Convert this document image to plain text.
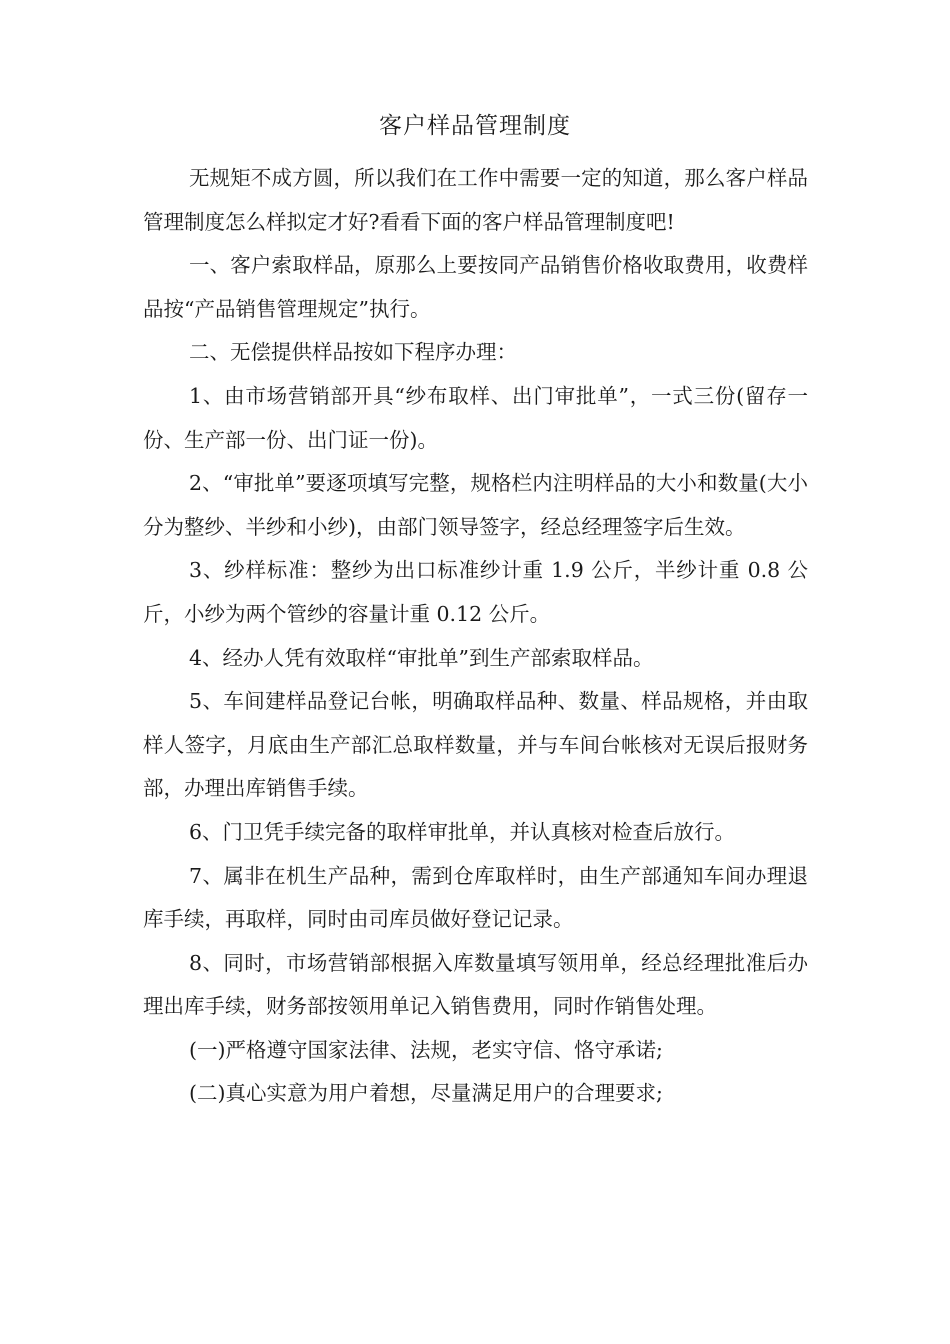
客户样品管理制度

无规矩不成方圆，所以我们在工作中需要一定的知道，那么客户样品管理制度怎么样拟定才好?看看下面的客户样品管理制度吧!

一、客户索取样品，原那么上要按同产品销售价格收取费用，收费样品按“产品销售管理规定”执行。

二、无偿提供样品按如下程序办理：

1、由市场营销部开具“纱布取样、出门审批单”，一式三份(留存一份、生产部一份、出门证一份)。

2、“审批单”要逐项填写完整，规格栏内注明样品的大小和数量(大小分为整纱、半纱和小纱)，由部门领导签字，经总经理签字后生效。

3、纱样标准：整纱为出口标准纱计重 1.9 公斤，半纱计重 0.8 公斤，小纱为两个管纱的容量计重 0.12 公斤。

4、经办人凭有效取样“审批单”到生产部索取样品。

5、车间建样品登记台帐，明确取样品种、数量、样品规格，并由取样人签字，月底由生产部汇总取样数量，并与车间台帐核对无误后报财务部，办理出库销售手续。

6、门卫凭手续完备的取样审批单，并认真核对检查后放行。

7、属非在机生产品种，需到仓库取样时，由生产部通知车间办理退库手续，再取样，同时由司库员做好登记记录。

8、同时，市场营销部根据入库数量填写领用单，经总经理批准后办理出库手续，财务部按领用单记入销售费用，同时作销售处理。

(一)严格遵守国家法律、法规，老实守信、恪守承诺;

(二)真心实意为用户着想，尽量满足用户的合理要求;
